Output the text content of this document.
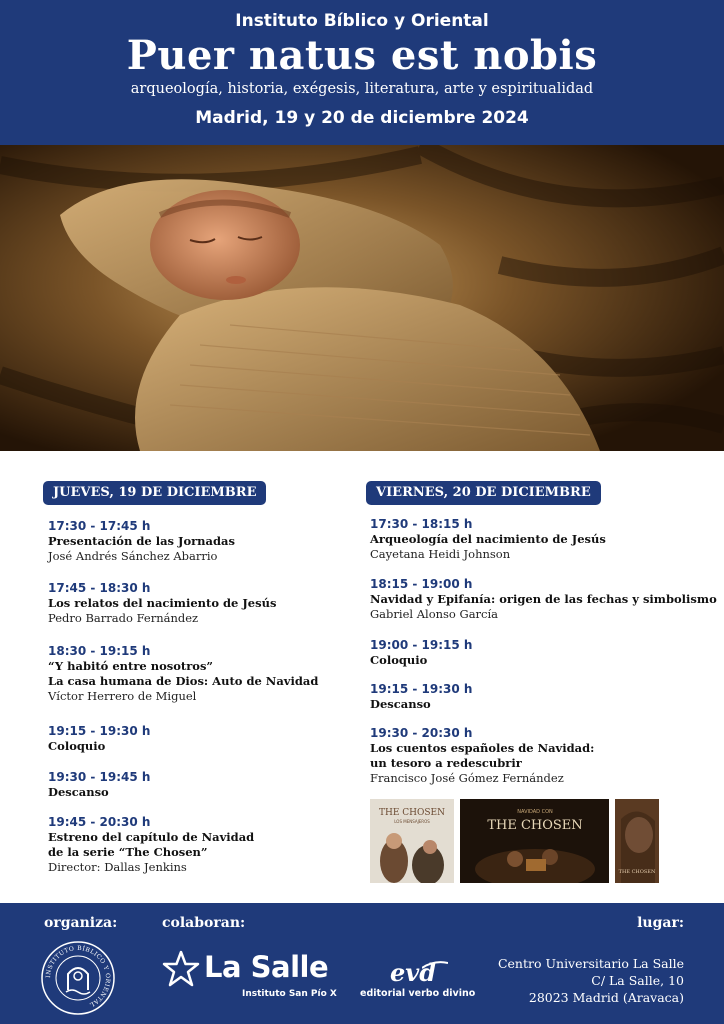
Instituto Bíblico y Oriental
Puer natus est nobis
arqueología, historia, exégesis, literatura, arte y espiritualidad
Madrid, 19 y 20 de diciembre 2024
JUEVES, 19 DE DICIEMBRE
17:30 - 17:45 h
Presentación de las Jornadas
José Andrés Sánchez Abarrio
17:45 - 18:30 h
Los relatos del nacimiento de Jesús
Pedro Barrado Fernández
18:30 - 19:15 h
“Y habitó entre nosotros”
La casa humana de Dios: Auto de Navidad
Víctor Herrero de Miguel
19:15 - 19:30 h
Coloquio
19:30 - 19:45 h
Descanso
19:45 - 20:30 h
Estreno del capítulo de Navidad
de la serie “The Chosen”
Director: Dallas Jenkins
VIERNES, 20 DE DICIEMBRE
17:30 - 18:15 h
Arqueología del nacimiento de Jesús
Cayetana Heidi Johnson
18:15 - 19:00 h
Navidad y Epifanía: origen de las fechas y simbolismo
Gabriel Alonso García
19:00 - 19:15 h
Coloquio
19:15 - 19:30 h
Descanso
19:30 - 20:30 h
Los cuentos españoles de Navidad:
un tesoro a redescubrir
Francisco José Gómez Fernández
THE CHOSEN
LOS MENSAJEROS
NAVIDAD CON
THE CHOSEN
THE CHOSEN
organiza:	colaboran:	lugar:
INSTITUTO BÍBLICO Y ORIENTAL
La Salle
Instituto San Pío X
evd
editorial verbo divino
Centro Universitario La Salle
C/ La Salle, 10
28023 Madrid (Aravaca)
